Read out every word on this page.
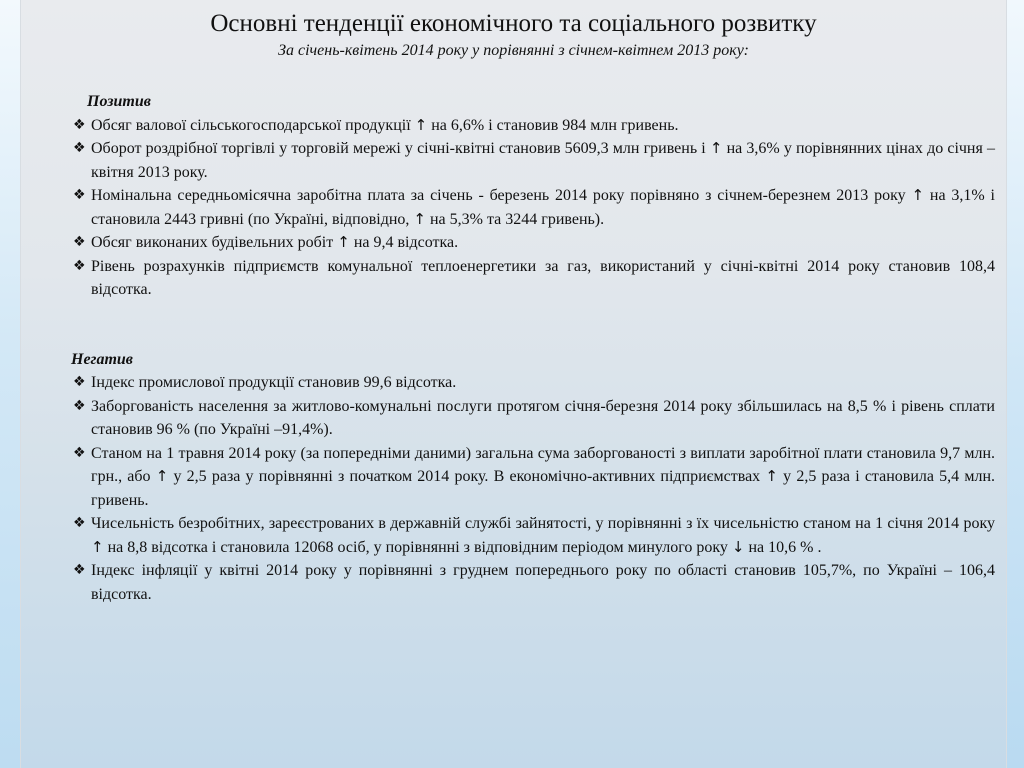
Основні тенденції економічного та соціального розвитку
За січень-квітень 2014 року у порівнянні з січнем-квітнем 2013 року:
Позитив
❖ Обсяг валової сільськогосподарської продукції ↑ на 6,6% і становив 984 млн гривень.
❖ Оборот роздрібної торгівлі у торговій мережі у січні-квітні становив 5609,3 млн гривень і ↑ на 3,6% у порівнянних цінах до січня – квітня 2013 року.
❖ Номінальна середньомісячна заробітна плата за січень - березень 2014 року порівняно з січнем-березнем 2013 року ↑ на 3,1% і становила 2443 гривні (по Україні, відповідно, ↑ на 5,3% та 3244 гривень).
❖ Обсяг виконаних будівельних робіт ↑ на 9,4 відсотка.
❖ Рівень розрахунків підприємств комунальної теплоенергетики за газ, використаний у січні-квітні 2014 року становив 108,4 відсотка.
Негатив
❖ Індекс промислової продукції становив 99,6 відсотка.
❖ Заборгованість населення за житлово-комунальні послуги протягом січня-березня 2014 року збільшилась на 8,5 % і рівень сплати становив 96 % (по Україні –91,4%).
❖ Станом на 1 травня 2014 року (за попередніми даними) загальна сума заборгованості з виплати заробітної плати становила 9,7 млн. грн., або ↑ у 2,5 раза у порівнянні з початком 2014 року. В економічно-активних підприємствах ↑ у 2,5 раза і становила 5,4 млн. гривень.
❖ Чисельність безробітних, зареєстрованих в державній службі зайнятості, у порівнянні з їх чисельністю станом на 1 січня 2014 року ↑ на 8,8 відсотка і становила 12068 осіб, у порівнянні з відповідним періодом минулого року ↓ на 10,6 % .
❖ Індекс інфляції у квітні 2014 року у порівнянні з груднем попереднього року по області становив 105,7%, по Україні – 106,4 відсотка.
